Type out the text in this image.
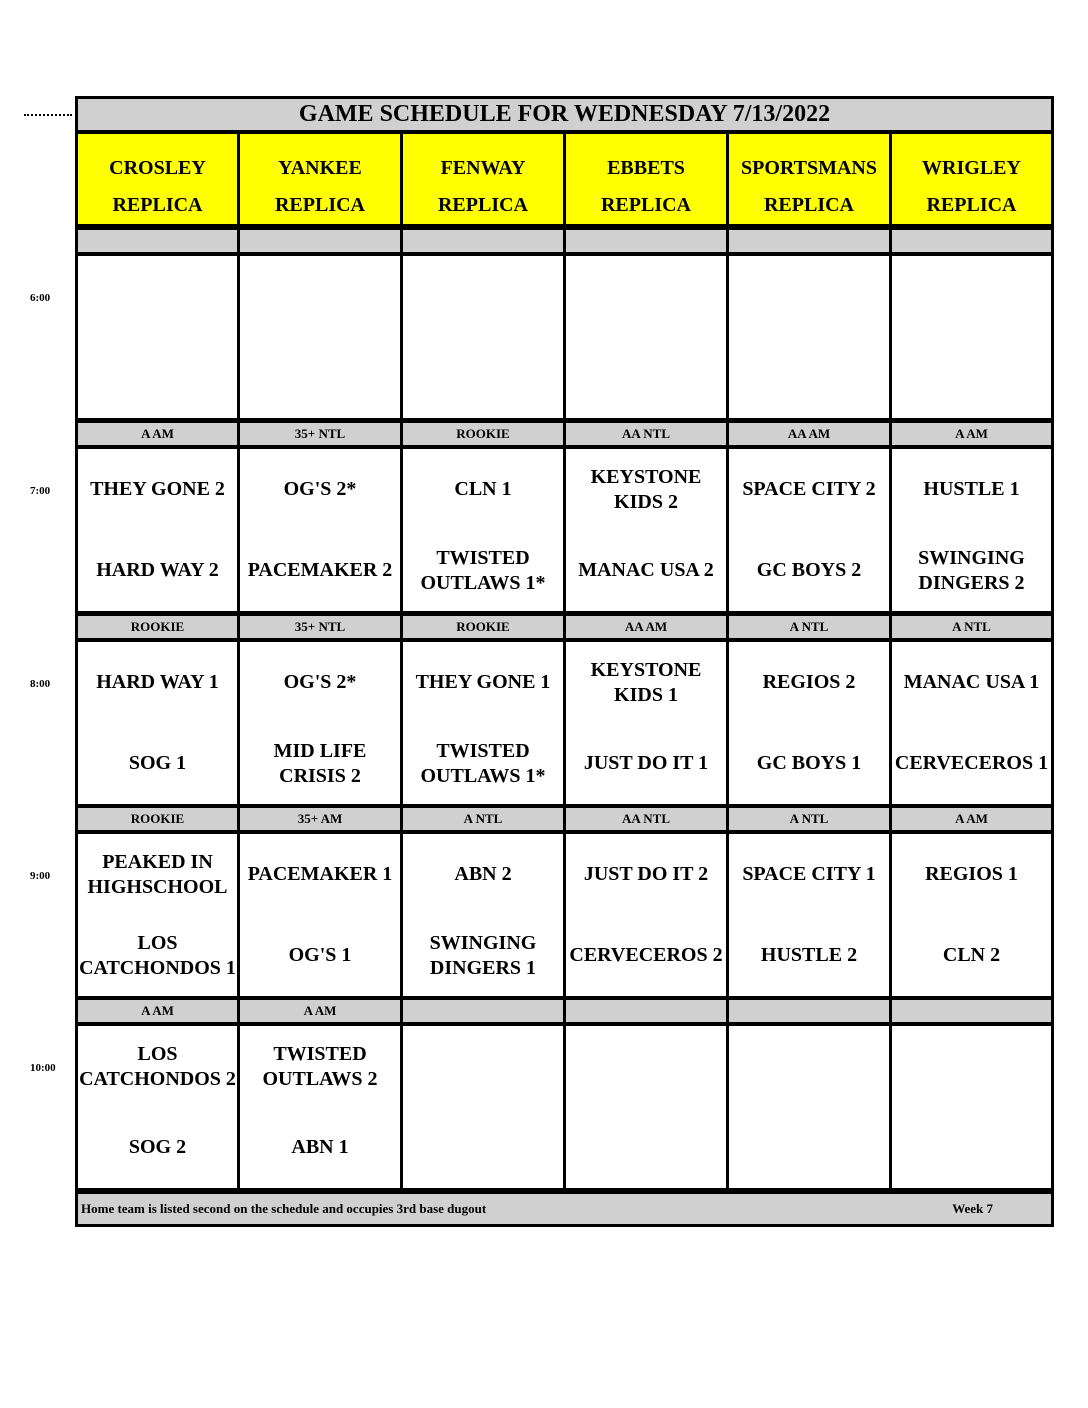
6:00
7:00
8:00
9:00
10:00
GAME SCHEDULE FOR WEDNESDAY 7/13/2022
Home team is listed second on the schedule and occupies 3rd base dugout	Week 7
CROSLEY
REPLICA
YANKEE
REPLICA
FENWAY
REPLICA
EBBETS
REPLICA
SPORTSMANS
REPLICA
WRIGLEY
REPLICA
A AM
THEY GONE 2
HARD WAY 2
35+ NTL
OG'S 2*
PACEMAKER 2
ROOKIE
CLN 1
TWISTED OUTLAWS 1*
AA NTL
KEYSTONE KIDS 2
MANAC USA 2
AA AM
SPACE CITY 2
GC BOYS 2
A AM
HUSTLE 1
SWINGING DINGERS 2
ROOKIE
HARD WAY 1
SOG 1
35+ NTL
OG'S 2*
MID LIFE CRISIS 2
ROOKIE
THEY GONE 1
TWISTED OUTLAWS 1*
AA AM
KEYSTONE KIDS 1
JUST DO IT 1
A NTL
REGIOS 2
GC BOYS 1
A NTL
MANAC USA 1
CERVECEROS 1
ROOKIE
PEAKED IN HIGHSCHOOL
LOS CATCHONDOS 1
35+ AM
PACEMAKER 1
OG'S 1
A NTL
ABN 2
SWINGING DINGERS 1
AA NTL
JUST DO IT 2
CERVECEROS 2
A NTL
SPACE CITY 1
HUSTLE 2
A AM
REGIOS 1
CLN 2
A AM
LOS CATCHONDOS 2
SOG 2
A AM
TWISTED OUTLAWS 2
ABN 1
